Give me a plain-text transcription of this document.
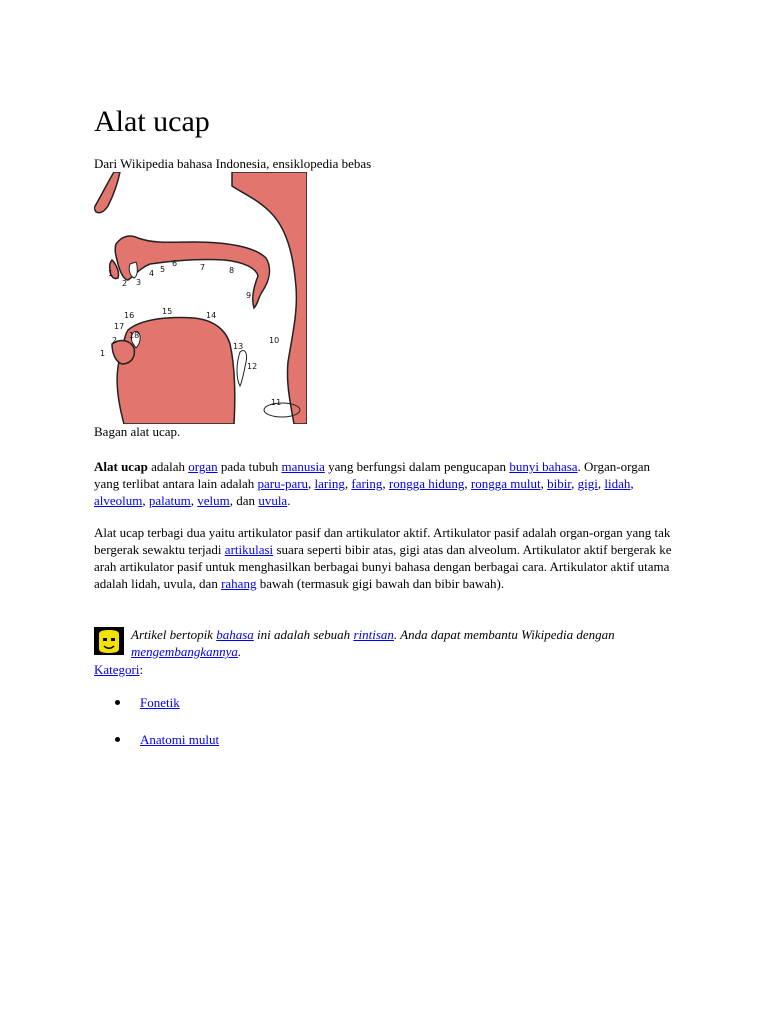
Alat ucap

Dari Wikipedia bahasa Indonesia, ensiklopedia bebas

1
2 3
4 5
6	7	8
9
10
11
12
13
14
15
16
17
18
1
2

Bagan alat ucap.

Alat ucap adalah organ pada tubuh manusia yang berfungsi dalam pengucapan bunyi bahasa. Organ-organ yang terlibat antara lain adalah paru-paru, laring, faring, rongga hidung, rongga mulut, bibir, gigi, lidah, alveolum, palatum, velum, dan uvula.

Alat ucap terbagi dua yaitu artikulator pasif dan artikulator aktif. Artikulator pasif adalah organ-organ yang tak bergerak sewaktu terjadi artikulasi suara seperti bibir atas, gigi atas dan alveolum. Artikulator aktif bergerak ke arah artikulator pasif untuk menghasilkan berbagai bunyi bahasa dengan berbagai cara. Artikulator aktif utama adalah lidah, uvula, dan rahang bawah (termasuk gigi bawah dan bibir bawah).

Artikel bertopik bahasa ini adalah sebuah rintisan. Anda dapat membantu Wikipedia dengan mengembangkannya.

Kategori:

Fonetik
Anatomi mulut
